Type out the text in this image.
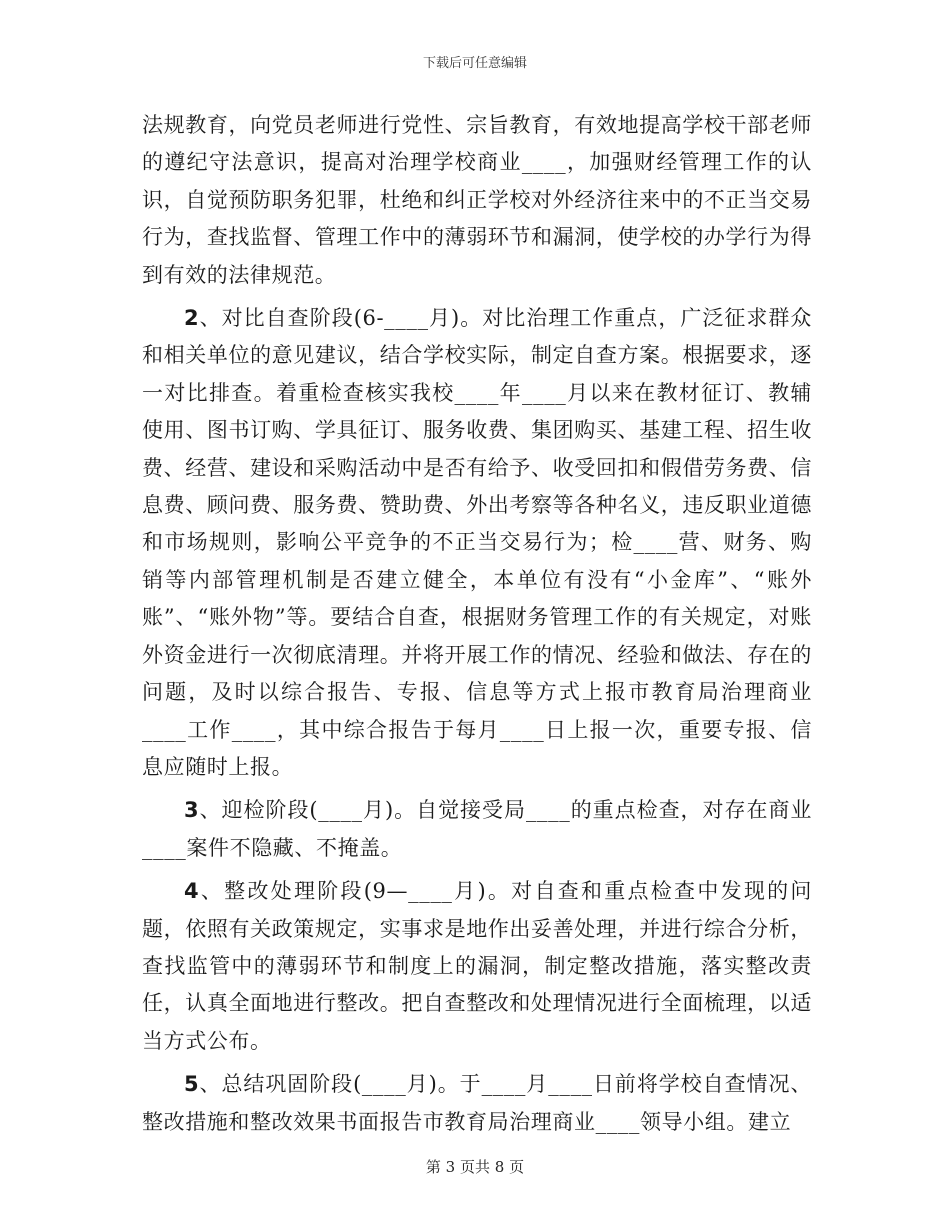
下载后可任意编辑

法规教育，向党员老师进行党性、宗旨教育，有效地提高学校干部老师的遵纪守法意识，提高对治理学校商业____，加强财经管理工作的认识，自觉预防职务犯罪，杜绝和纠正学校对外经济往来中的不正当交易行为，查找监督、管理工作中的薄弱环节和漏洞，使学校的办学行为得到有效的法律规范。

2、对比自查阶段(6-____月)。对比治理工作重点，广泛征求群众和相关单位的意见建议，结合学校实际，制定自查方案。根据要求，逐一对比排查。着重检查核实我校____年____月以来在教材征订、教辅使用、图书订购、学具征订、服务收费、集团购买、基建工程、招生收费、经营、建设和采购活动中是否有给予、收受回扣和假借劳务费、信息费、顾问费、服务费、赞助费、外出考察等各种名义，违反职业道德和市场规则，影响公平竞争的不正当交易行为；检____营、财务、购销等内部管理机制是否建立健全，本单位有没有“小金库”、“账外账”、“账外物”等。要结合自查，根据财务管理工作的有关规定，对账外资金进行一次彻底清理。并将开展工作的情况、经验和做法、存在的问题，及时以综合报告、专报、信息等方式上报市教育局治理商业____工作____，其中综合报告于每月____日上报一次，重要专报、信息应随时上报。

3、迎检阶段(____月)。自觉接受局____的重点检查，对存在商业____案件不隐藏、不掩盖。

4、整改处理阶段(9—____月)。对自查和重点检查中发现的问题，依照有关政策规定，实事求是地作出妥善处理，并进行综合分析，查找监管中的薄弱环节和制度上的漏洞，制定整改措施，落实整改责任，认真全面地进行整改。把自查整改和处理情况进行全面梳理，以适当方式公布。

5、总结巩固阶段(____月)。于____月____日前将学校自查情况、整改措施和整改效果书面报告市教育局治理商业____领导小组。建立

第 3 页共 8 页
